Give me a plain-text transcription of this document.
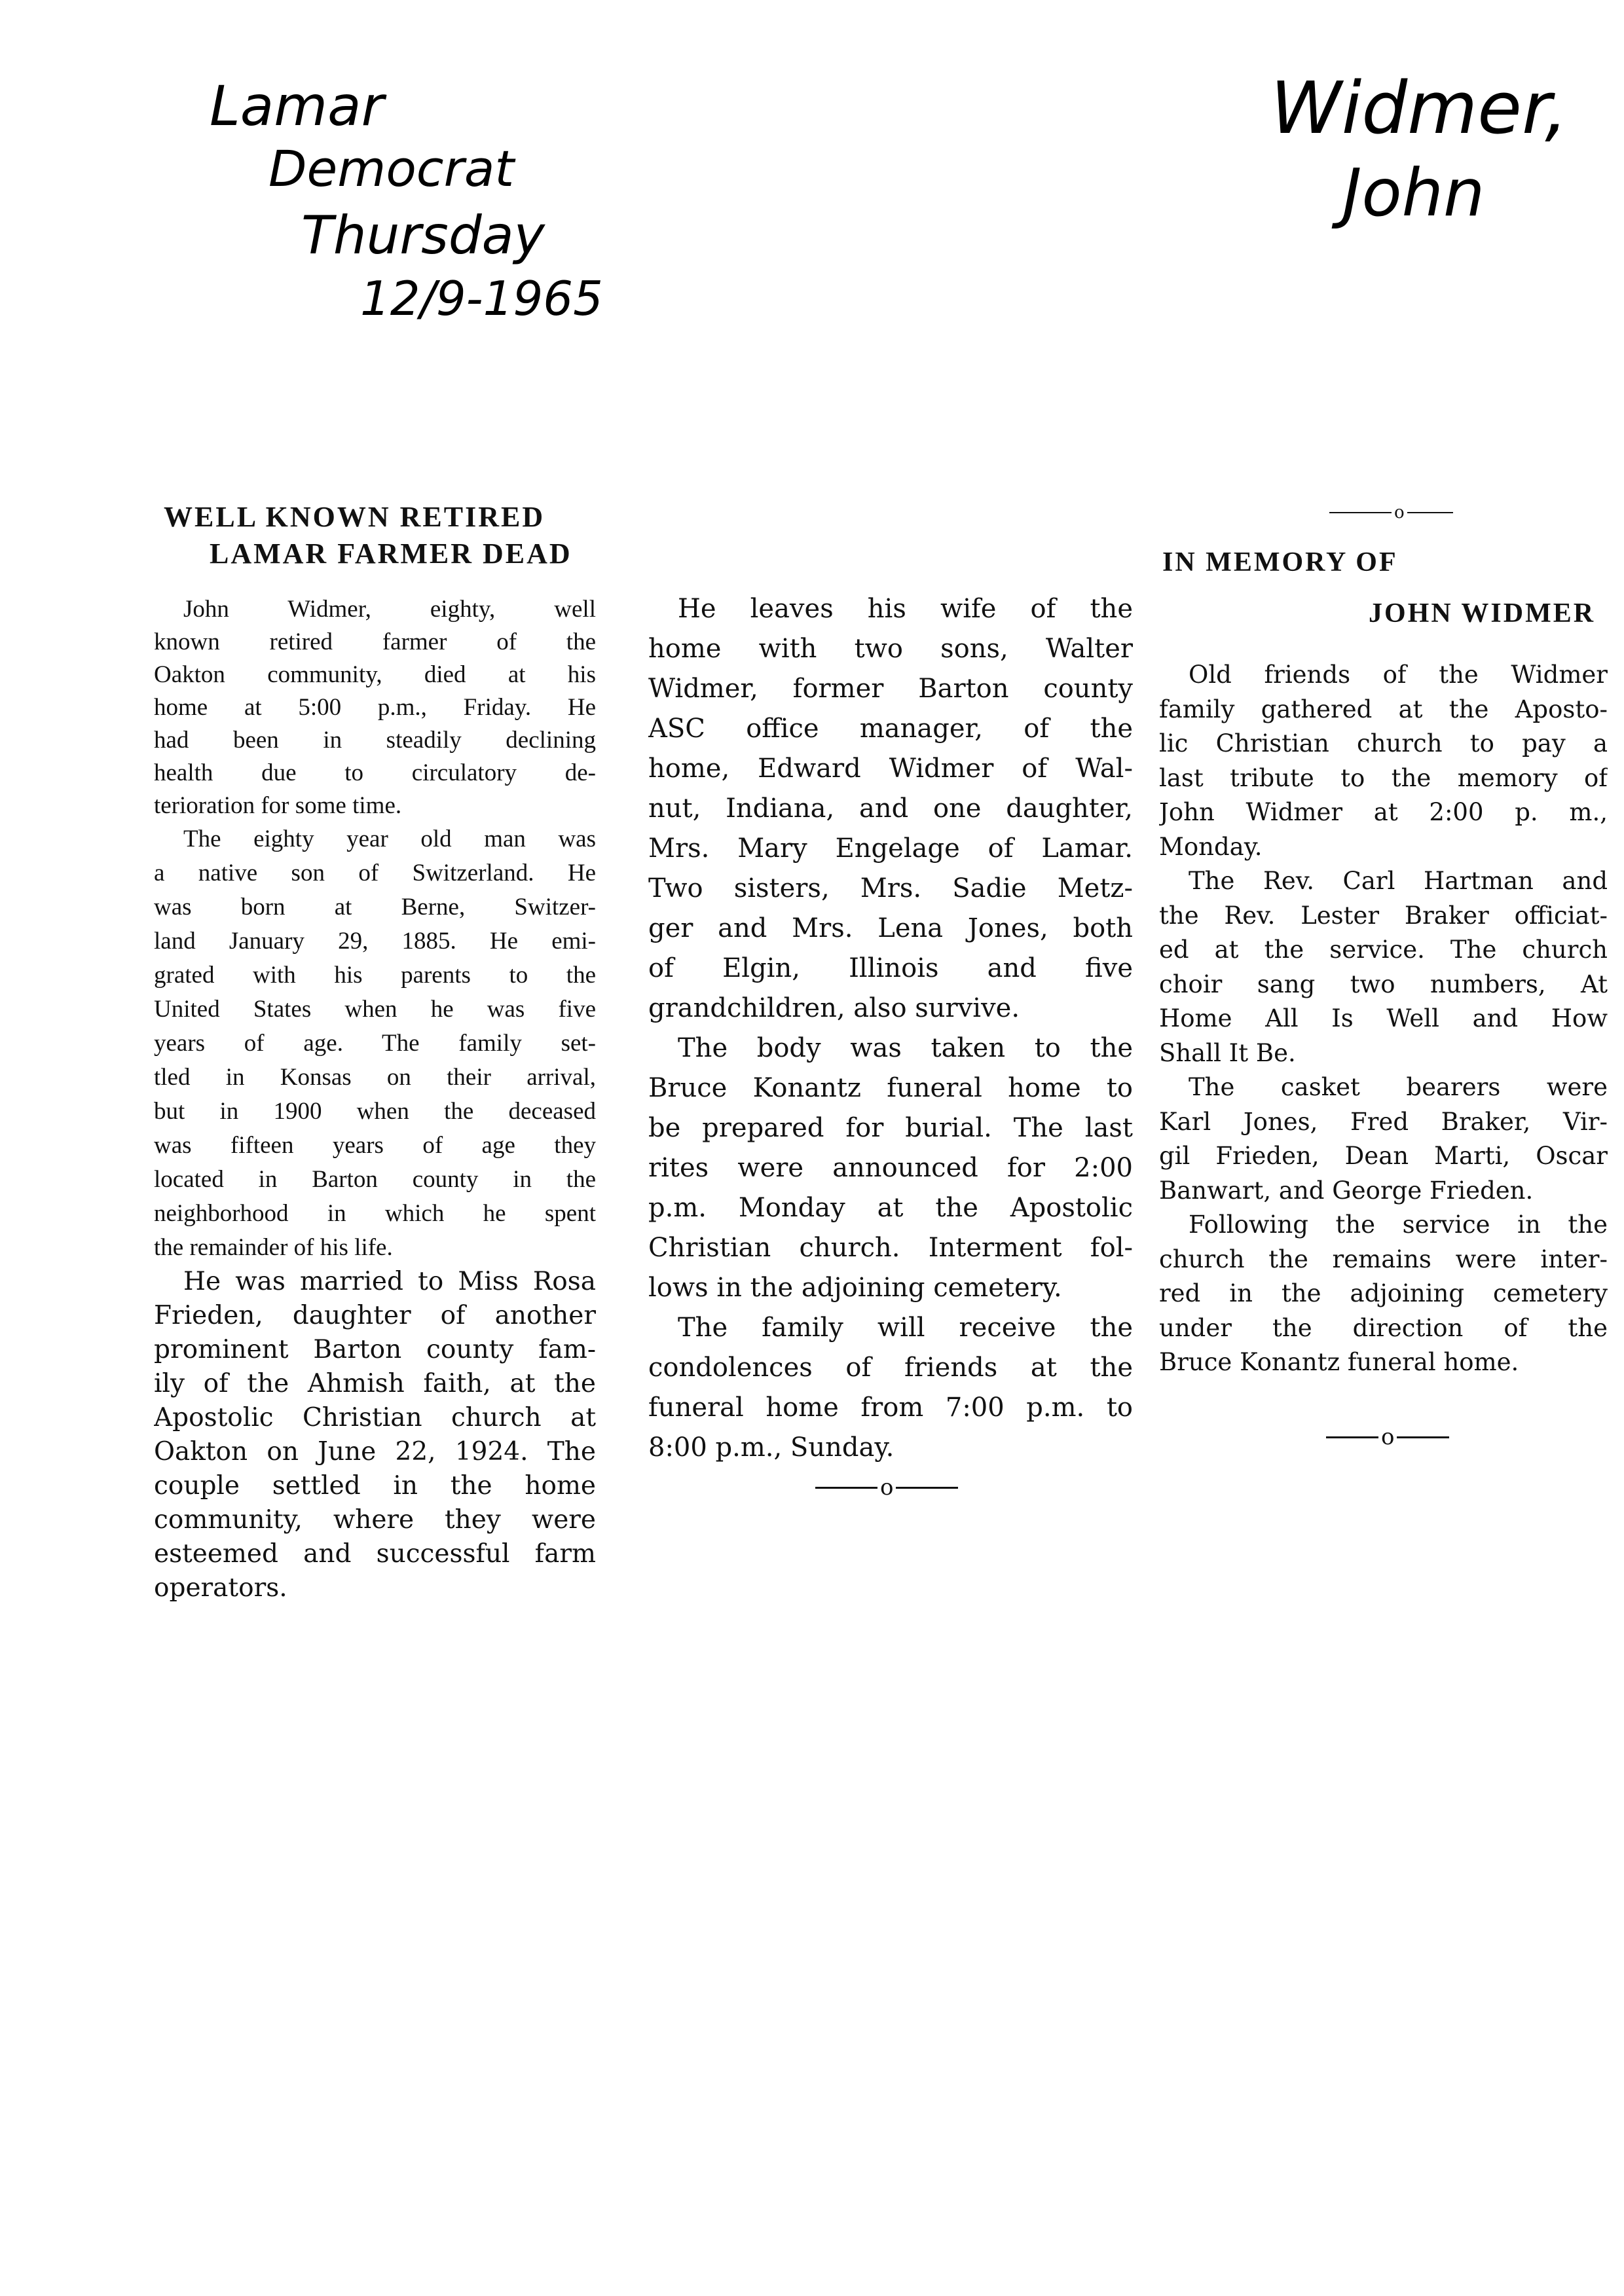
Lamar
Democrat
Thursday
12/9-1965
Widmer,
John
WELL KNOWN RETIRED
LAMAR FARMER DEAD
John Widmer, eighty, well
known retired farmer of the
Oakton community, died at his
home at 5:00 p.m., Friday. He
had been in steadily declining
health due to circulatory de-
terioration for some time.
The eighty year old man was
a native son of Switzerland. He
was born at Berne, Switzer-
land January 29, 1885. He emi-
grated with his parents to the
United States when he was five
years of age. The family set-
tled in Konsas on their arrival,
but in 1900 when the deceased
was fifteen years of age they
located in Barton county in the
neighborhood in which he spent
the remainder of his life.
He was married to Miss Rosa
Frieden, daughter of another
prominent Barton county fam-
ily of the Ahmish faith, at the
Apostolic Christian church at
Oakton on June 22, 1924. The
couple settled in the home
community, where they were
esteemed and successful farm
operators.
He leaves his wife of the
home with two sons, Walter
Widmer, former Barton county
ASC office manager, of the
home, Edward Widmer of Wal-
nut, Indiana, and one daughter,
Mrs. Mary Engelage of Lamar.
Two sisters, Mrs. Sadie Metz-
ger and Mrs. Lena Jones, both
of Elgin, Illinois and five
grandchildren, also survive.
The body was taken to the
Bruce Konantz funeral home to
be prepared for burial. The last
rites were announced for 2:00
p.m. Monday at the Apostolic
Christian church. Interment fol-
lows in the adjoining cemetery.
The family will receive the
condolences of friends at the
funeral home from 7:00 p.m. to
8:00 p.m., Sunday.
o
o
IN MEMORY OF
JOHN WIDMER
Old friends of the Widmer
family gathered at the Aposto-
lic Christian church to pay a
last tribute to the memory of
John Widmer at 2:00 p. m.,
Monday.
The Rev. Carl Hartman and
the Rev. Lester Braker officiat-
ed at the service. The church
choir sang two numbers, At
Home All Is Well and How
Shall It Be.
The casket bearers were
Karl Jones, Fred Braker, Vir-
gil Frieden, Dean Marti, Oscar
Banwart, and George Frieden.
Following the service in the
church the remains were inter-
red in the adjoining cemetery
under the direction of the
Bruce Konantz funeral home.
o
